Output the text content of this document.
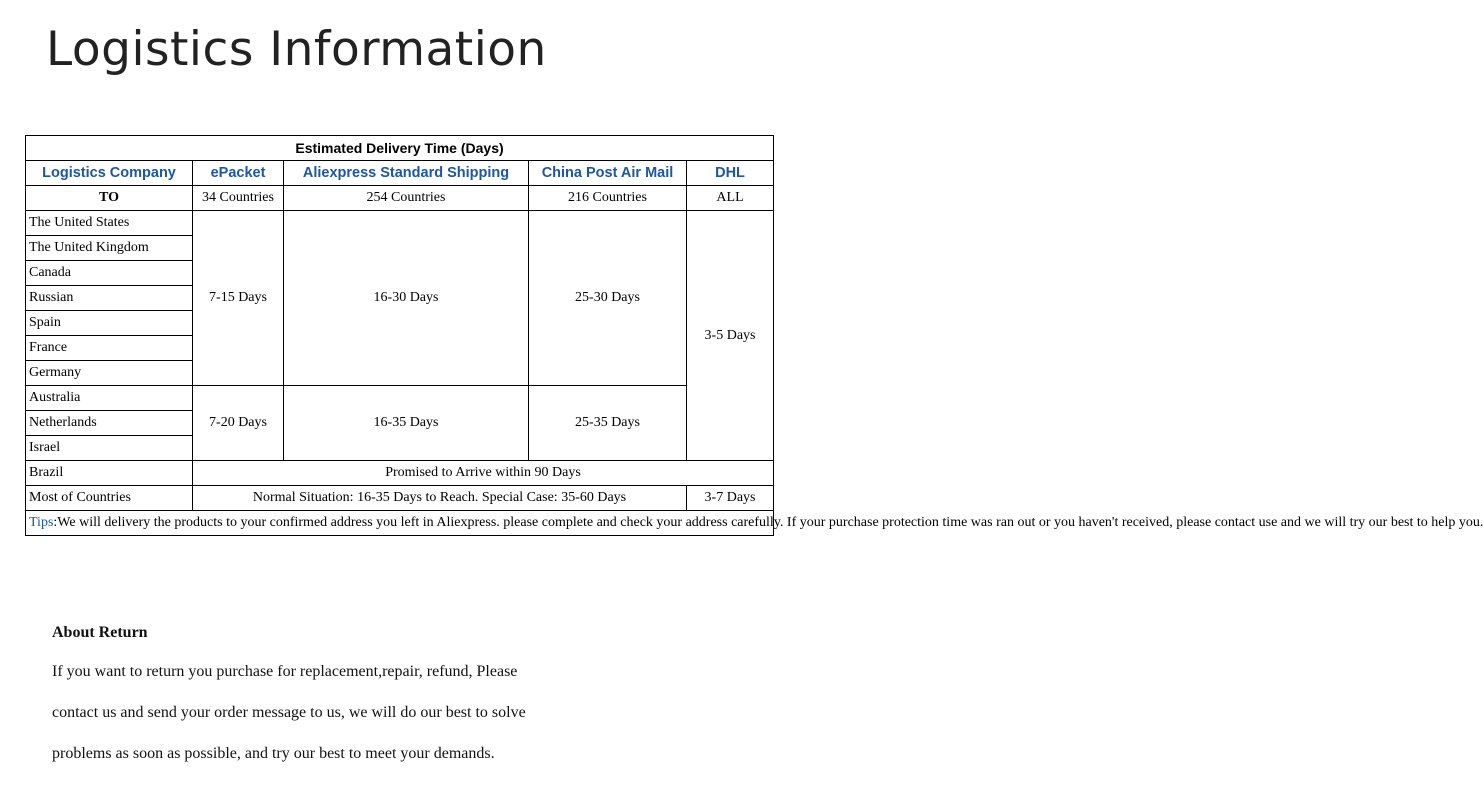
Logistics Information
Estimated Delivery Time (Days)				
Logistics Company	ePacket	Aliexpress Standard Shipping	China Post Air Mail	DHL
TO	34 Countries	254 Countries	216 Countries	ALL
The United States	7-15 Days	16-30 Days	25-30 Days	3-5 Days
The United Kingdom				
Canada				
Russian				
Spain				
France				
Germany				
Australia	7-20 Days	16-35 Days	25-35 Days	
Netherlands				
Israel				
Brazil	Promised to Arrive within 90 Days			
Most of Countries	Normal Situation: 16-35 Days to Reach. Special Case: 35-60 Days			3-7 Days
Tips:We will delivery the products to your confirmed address you left in Aliexpress. please complete and check your address carefully. If your purchase protection time was ran out or you haven't received, please contact use and we will try our best to help you.				

About Return

If you want to return you purchase for replacement,repair, refund, Please

contact us and send your order message to us, we will do our best to solve

problems as soon as possible, and try our best to meet your demands.
